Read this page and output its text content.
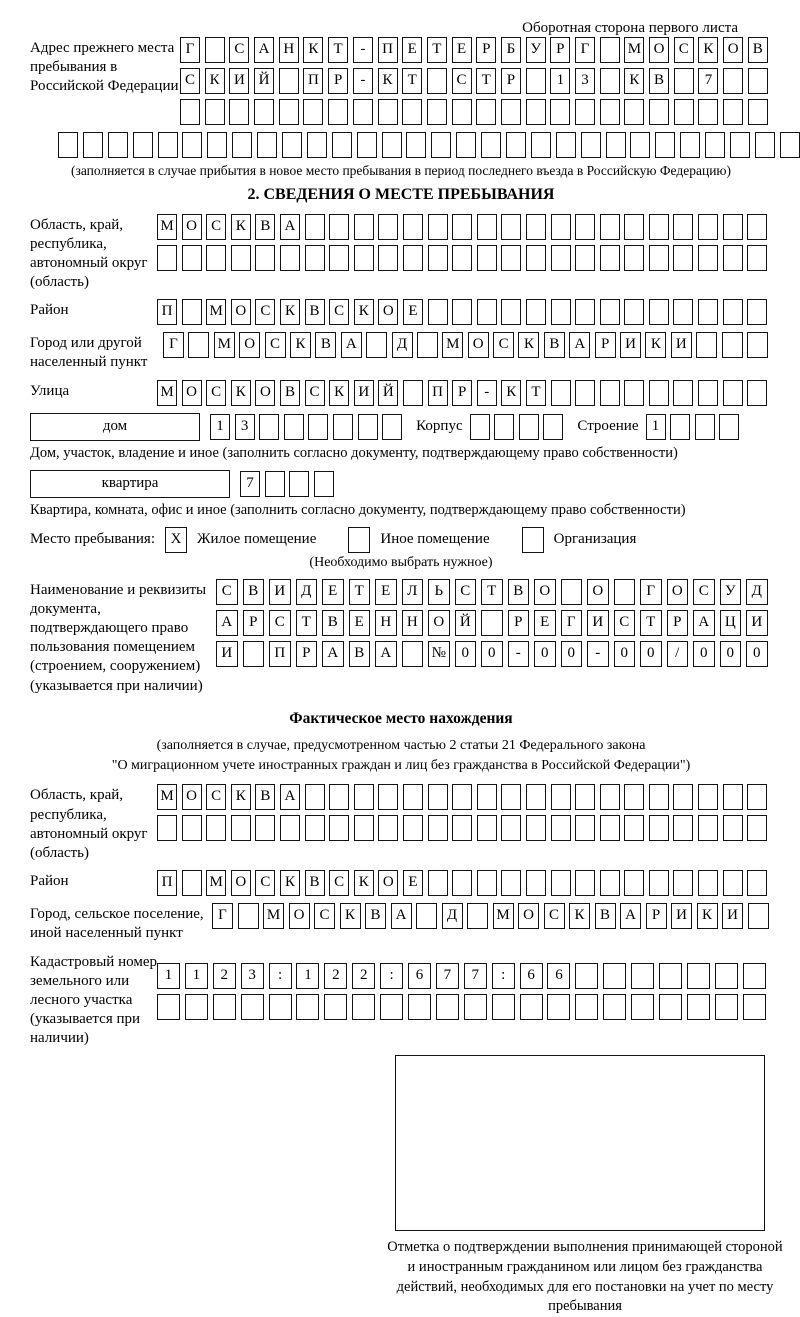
Оборотная сторона первого листа
Адрес прежнего места пребывания в Российской Федерации
Г	С А Н К	Т	-	П Е	Т	Е	Р	Б	У	Р	Г	М О С К О В
С К И Й	П	Р	-	К	Т	С	Т	Р	1	3	К В	7
(заполняется в случае прибытия в новое место пребывания в период последнего въезда в Российскую Федерацию)
2. СВЕДЕНИЯ О МЕСТЕ ПРЕБЫВАНИЯ
Область, край, республика, автономный округ (область)
М О С К В А
Район	П	М О С К В С К О Е
Город или другой населенный пункт
Г	М О С	К	В А	Д	М О С	К	В А	Р	И К И
Улица	М О С К О В С К И Й	П	Р	-	К	Т
дом	1	3	Корпус	Строение 1
Дом, участок, владение и иное (заполнить согласно документу, подтверждающему право собственности)
квартира	7
Квартира, комната, офис и иное (заполнить согласно документу, подтверждающему право собственности)
Место пребывания:	X	Жилое помещение	Иное помещение	Организация
(Необходимо выбрать нужное)
Наименование и реквизиты документа, подтверждающего право пользования помещением (строением, сооружением) (указывается при наличии)
С	В	И	Д	Е	Т	Е	Л	Ь	С	Т	В	О	О	Г	О	С	У	Д
А	Р	С	Т	В	Е	Н	Н	О	Й	Р	Е	Г	И	С	Т	Р	А	Ц	И
И	П	Р	А	В	А	№	0	0	-	0	0	-	0	0	/	0	0	0
Фактическое место нахождения
(заполняется в случае, предусмотренном частью 2 статьи 21 Федерального закона
"О миграционном учете иностранных граждан и лиц без гражданства в Российской Федерации")
Область, край, республика, автономный округ (область)
М О С К В А
Район	П	М О С К В С К О Е
Город, сельское поселение, иной населенный пункт
Г	М О	С	К	В	А	Д	М О	С	К	В	А	Р	И	К	И
Кадастровый номер земельного или лесного участка (указывается при наличии)
1	1	2	3	:	1	2	2	:	6	7	7	:	6	6
Отметка о подтверждении выполнения принимающей стороной и иностранным гражданином или лицом без гражданства действий, необходимых для его постановки на учет по месту пребывания
